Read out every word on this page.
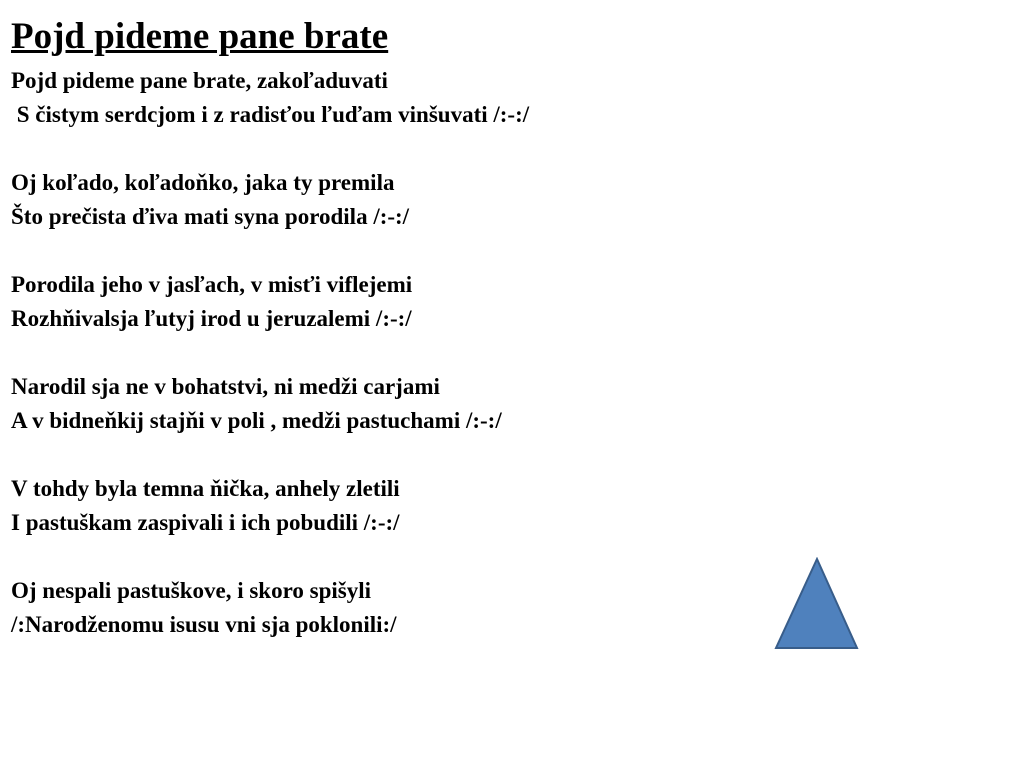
Pojd pideme pane brate
Pojd pideme pane brate, zakoľaduvati
S čistym serdcjom i z radisťou ľuďam vinšuvati /:-:/
Oj koľado, koľadoňko, jaka ty premila
Što prečista ďiva mati syna porodila /:-:/
Porodila jeho v jasľach, v misťi viflejemi
Rozhňivalsja ľutyj irod u jeruzalemi /:-:/
Narodil sja ne v bohatstvi, ni medži carjami
A v bidneňkij stajňi v poli , medži pastuchami /:-:/
V tohdy byla temna ňička, anhely zletili
I pastuškam zaspivali i ich pobudili /:-:/
Oj nespali pastuškove, i skoro spišyli
/:Narodženomu isusu vni sja poklonili:/
